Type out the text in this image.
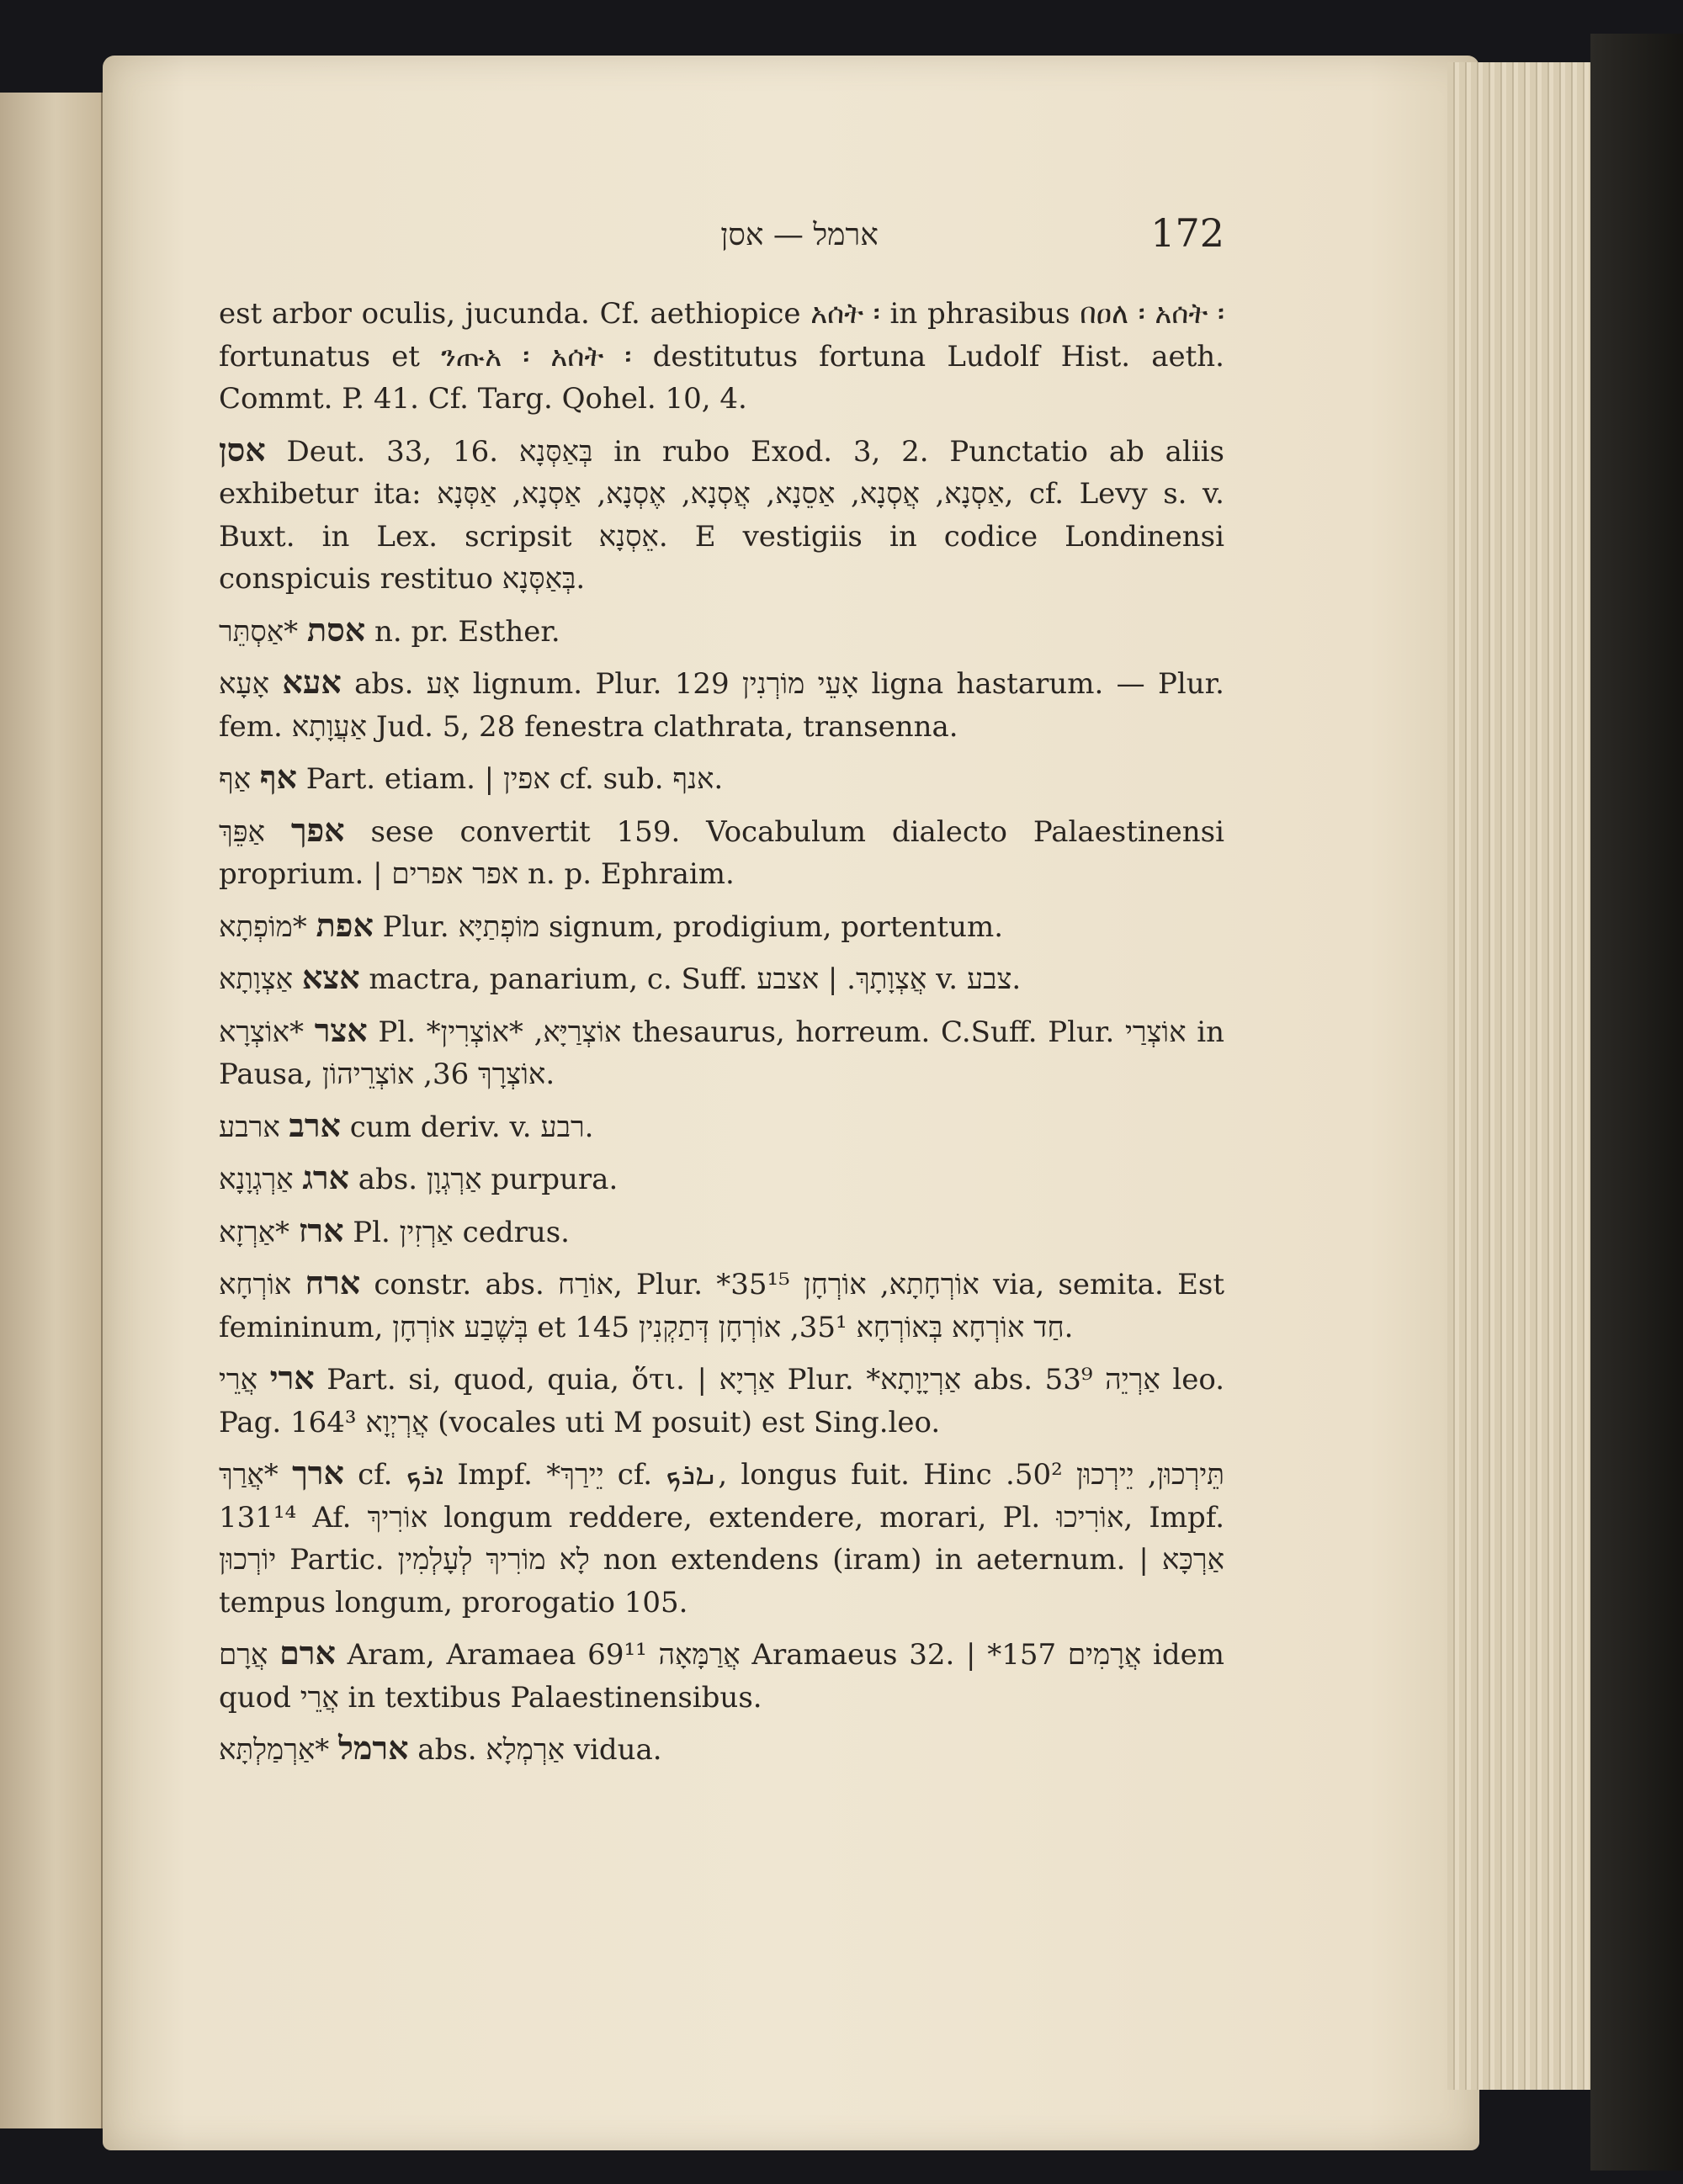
ארמל — אסן	172

est arbor oculis, jucunda. Cf. aethiopice አሰት ፡ in phrasibus በዐለ ፡ አሰት ፡ fortunatus et ንጡአ ፡ አሰት ፡ destitutus fortuna Ludolf Hist. aeth. Commt. P. 41. Cf. Targ. Qohel. 10, 4.

אסן Deut. 33, 16. בְּאַסְּנָא in rubo Exod. 3, 2. Punctatio ab aliis exhibetur ita: אַסְנָא, אֲסְנָא, אַסֵנָא, אֲסְנָא, אֶסְנָא, אַסְנָא, אַסְּנָא, cf. Levy s. v. Buxt. in Lex. scripsit אֵסְנָא. E vestigiis in codice Londinensi conspicuis restituo בְּאַסְּנָא.

אסת *אַסְתֵּר n. pr. Esther.

אעא אָעָא abs. אָע lignum. Plur. אָעֵי מוֹרְנִין 129 ligna hastarum. — Plur. fem. אַעֲוָתָא Jud. 5, 28 fenestra clathrata, transenna.

אף אַף Part. etiam. | אפין cf. sub. אנף.

אפך אַפֵּךְ sese convertit 159. Vocabulum dialecto Palaestinensi proprium. | אפר אפרים n. p. Ephraim.

אפת *מוֹפְתָא Plur. מוֹפְתַיָּא signum, prodigium, portentum.

אצא אַצְוָתָא mactra, panarium, c. Suff. אֲצְוָתָךְ. | אצבע v. צבע.

אצר *אוֹצְרָא Pl. *אוֹצְרַיָּא, *אוֹצְרִין thesaurus, horreum. C.Suff. Plur. אוֹצְרַי in Pausa, אוֹצְרָךְ 36, אוֹצְרֵיהוֹן.

ארב ארבע cum deriv. v. רבע.

ארג אַרְגְוָנָא abs. אַרְגְוָן purpura.

ארז *אַרְזָא Pl. אַרְזִין cedrus.

ארח אוֹרְחָא constr. abs. אוֹרַח, Plur. *אוֹרְחָתָא, אוֹרְחָן 35¹⁵ via, semita. Est femininum, בְּשֶׁבַע אוֹרְחָן et חַד אוֹרְחָא בְּאוֹרְחָא 35¹, אוֹרְחָן דְּתַקְנִין 145.

ארי אֲרֵי Part. si, quod, quia, ὅτι. | אַרְיָא Plur. *אַרְיָוָתָא abs. אַרְיֵה 53⁹ leo. Pag. 164³ אֲרְיְוָא (vocales uti M posuit) est Sing.leo.

ארך *אֲרַךְ cf. ܐܪܟ Impf. *יֵירַךְ cf. ܢܐܪܟ, longus fuit. Hinc תֵּירְכוּן, יֵירְכוּן 50². 131¹⁴ Af. אוֹרִיךְ longum reddere, extendere, morari, Pl. אוֹרִיכוּ, Impf. יוֹרְכוּן Partic. לָא מוֹרִיךְ לְעָלְמִין non extendens (iram) in aeternum. | אַרְכָּא tempus longum, prorogatio 105.

ארם אֲרָם Aram, Aramaea 69¹¹ אֲרַמָּאָה Aramaeus 32. | *אֲרָמִים 157 idem quod אֲרֵי in textibus Palaestinensibus.

ארמל *אַרְמַלְתָּא abs. אַרְמְלָא vidua.
